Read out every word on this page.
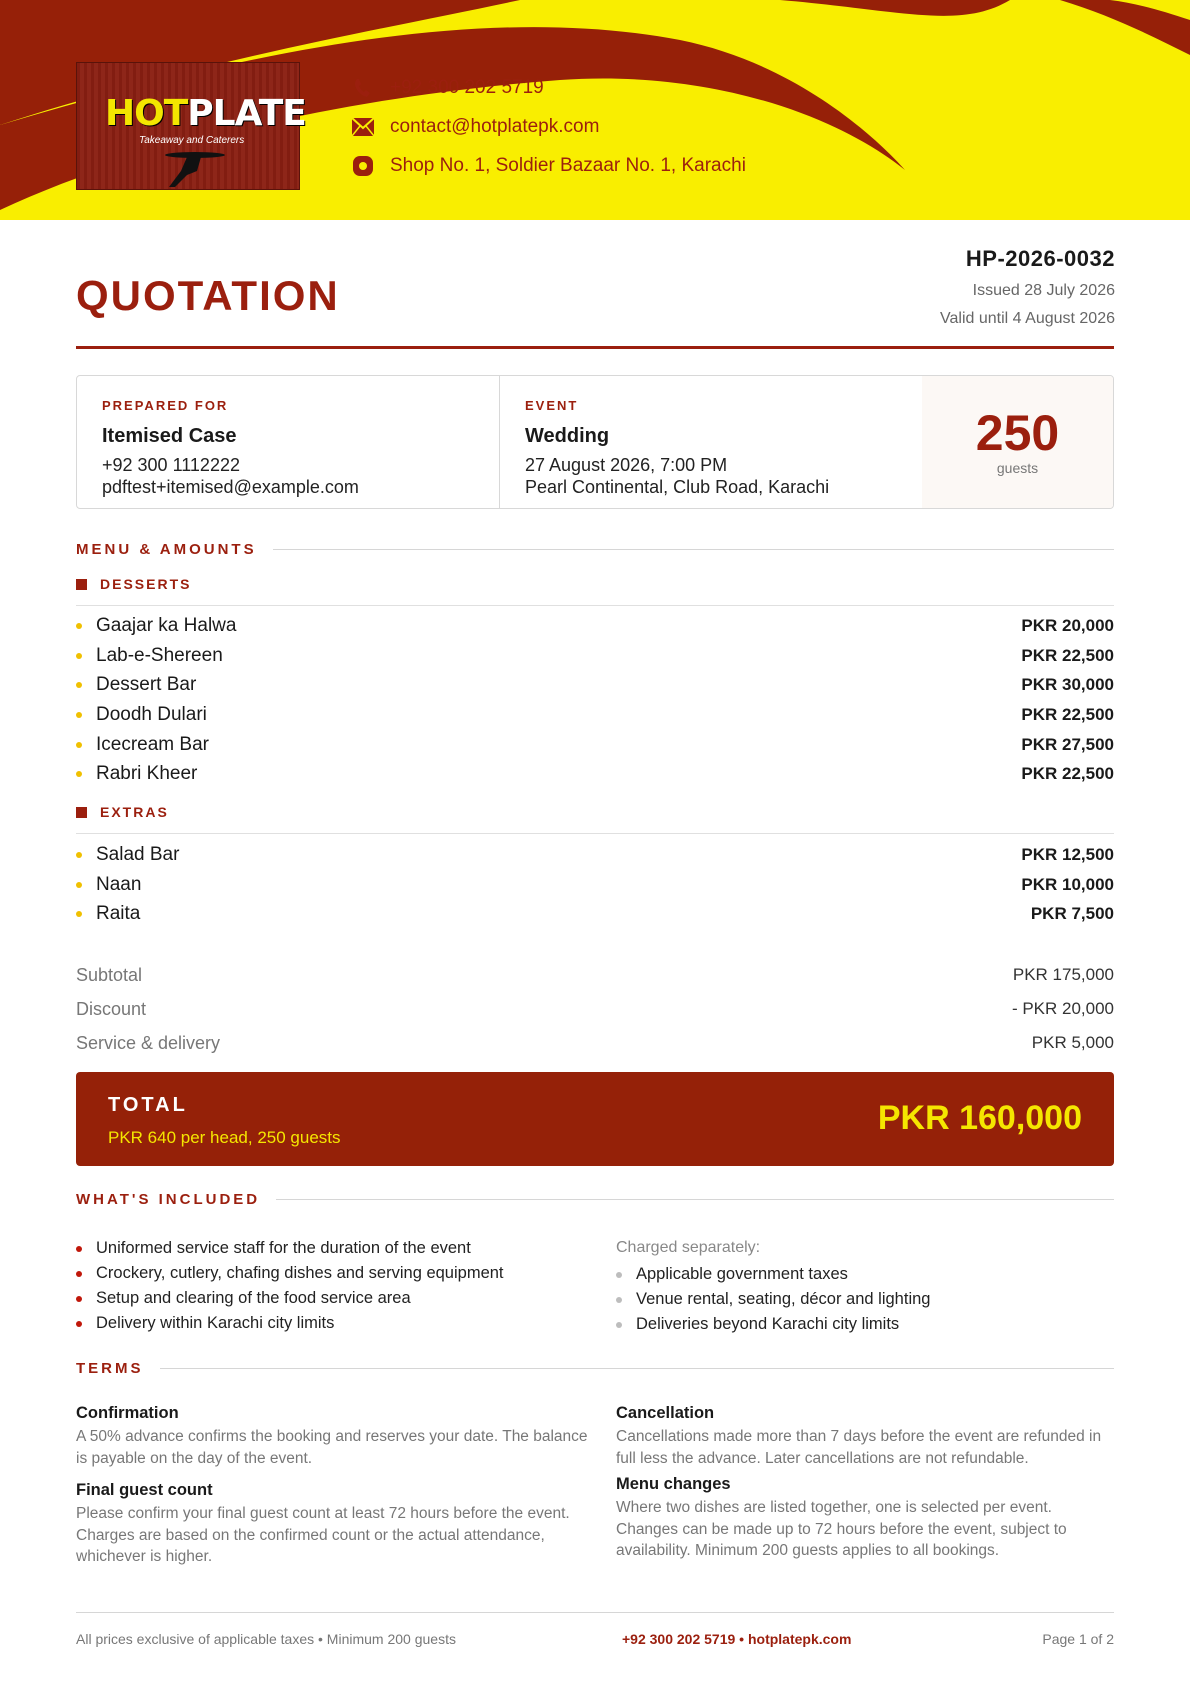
HOTPLATE
Takeaway and Caterers
+92 300 202 5719
contact@hotplatepk.com
Shop No. 1, Soldier Bazaar No. 1, Karachi
QUOTATION
HP-2026-0032
Issued 28 July 2026
Valid until 4 August 2026
PREPARED FOR
Itemised Case
+92 300 1112222
pdftest+itemised@example.com
EVENT
Wedding
27 August 2026, 7:00 PM
Pearl Continental, Club Road, Karachi
250
guests
MENU & AMOUNTS
DESSERTS
Gaajar ka Halwa	PKR 20,000
Lab-e-Shereen	PKR 22,500
Dessert Bar	PKR 30,000
Doodh Dulari	PKR 22,500
Icecream Bar	PKR 27,500
Rabri Kheer	PKR 22,500
EXTRAS
Salad Bar	PKR 12,500
Naan	PKR 10,000
Raita	PKR 7,500
Subtotal	PKR 175,000
Discount	- PKR 20,000
Service & delivery	PKR 5,000
TOTAL
PKR 640 per head, 250 guests
PKR 160,000
WHAT'S INCLUDED
Uniformed service staff for the duration of the event
Crockery, cutlery, chafing dishes and serving equipment
Setup and clearing of the food service area
Delivery within Karachi city limits
Charged separately:
Applicable government taxes
Venue rental, seating, décor and lighting
Deliveries beyond Karachi city limits
TERMS
Confirmation
A 50% advance confirms the booking and reserves your date. The balance is payable on the day of the event.
Final guest count
Please confirm your final guest count at least 72 hours before the event. Charges are based on the confirmed count or the actual attendance, whichever is higher.
Cancellation
Cancellations made more than 7 days before the event are refunded in full less the advance. Later cancellations are not refundable.
Menu changes
Where two dishes are listed together, one is selected per event. Changes can be made up to 72 hours before the event, subject to availability. Minimum 200 guests applies to all bookings.
All prices exclusive of applicable taxes • Minimum 200 guests	+92 300 202 5719 • hotplatepk.com	Page 1 of 2
